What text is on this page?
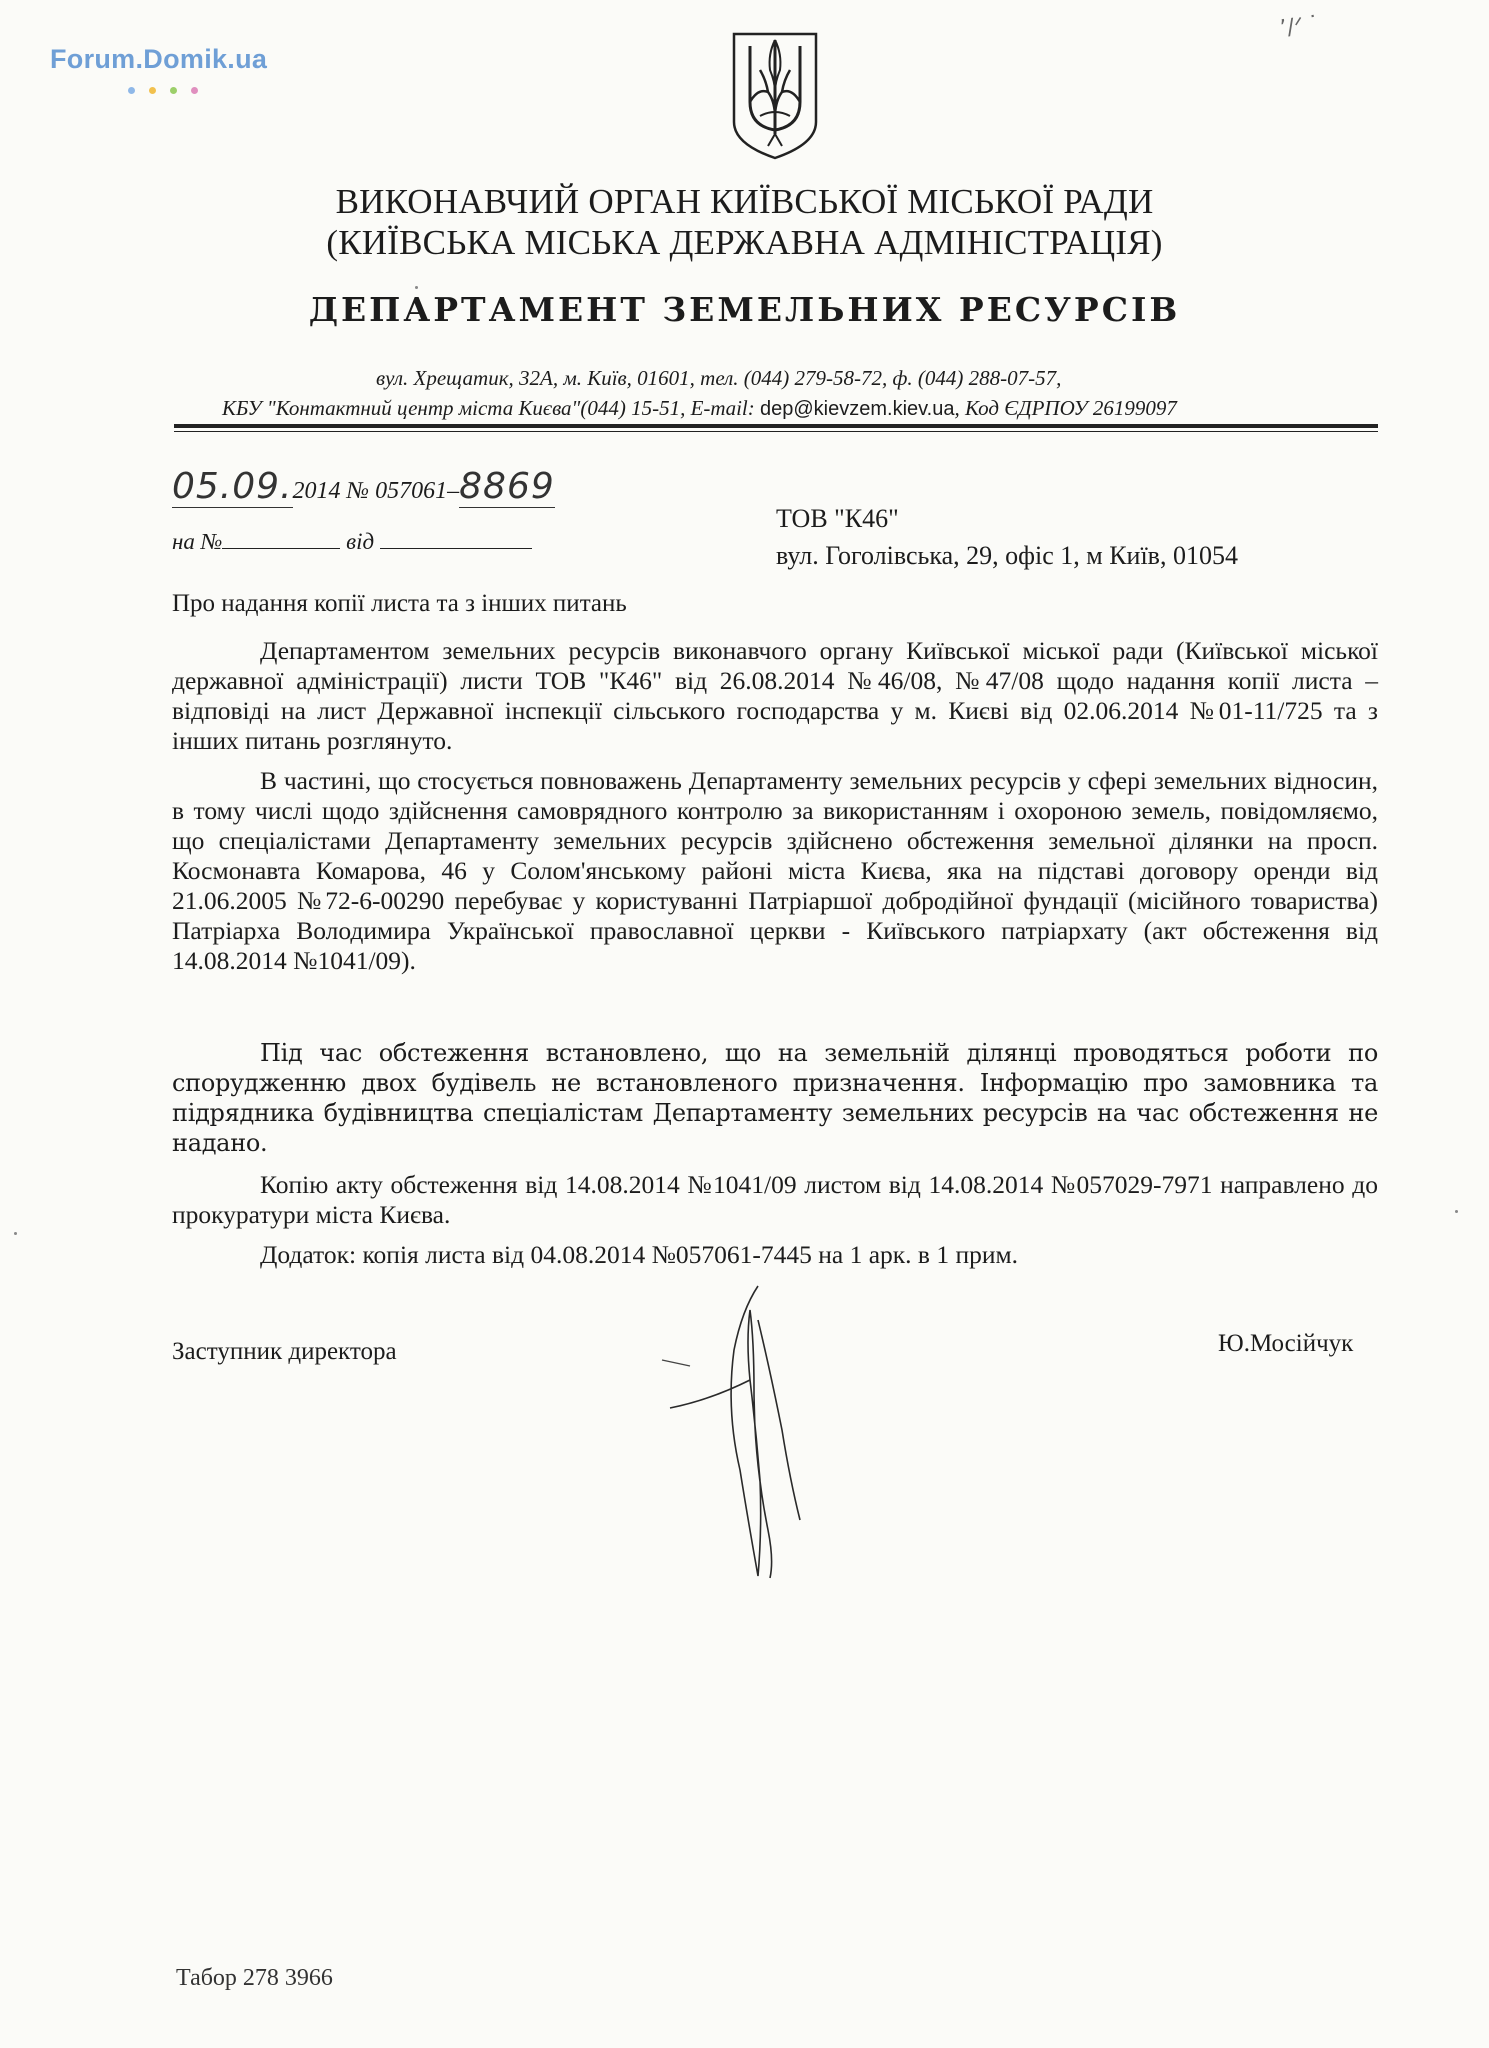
Forum.Domik.ua
ʼ/ᐟ ᐝ
ВИКОНАВЧИЙ ОРГАН КИЇВСЬКОЇ МІСЬКОЇ РАДИ
(КИЇВСЬКА МІСЬКА ДЕРЖАВНА АДМІНІСТРАЦІЯ)
ДЕПАРТАМЕНТ ЗЕМЕЛЬНИХ РЕСУРСІВ
вул. Хрещатик, 32А, м. Київ, 01601, тел. (044) 279-58-72, ф. (044) 288-07-57,
КБУ "Контактний центр міста Києва"(044) 15-51, E-mail: dep@kievzem.kiev.ua, Код ЄДРПОУ 26199097
05.09.2014 № 057061–8869
на №	від
ТОВ "К46"
вул. Гоголівська, 29, офіс 1, м Київ, 01054
Про надання копії листа та з інших питань
Департаментом земельних ресурсів виконавчого органу Київської міської ради (Київської міської державної адміністрації) листи ТОВ "К46" від 26.08.2014 №46/08, №47/08 щодо надання копії листа – відповіді на лист Державної інспекції сільського господарства у м. Києві від 02.06.2014 №01-11/725 та з інших питань розглянуто.
В частині, що стосується повноважень Департаменту земельних ресурсів у сфері земельних відносин, в тому числі щодо здійснення самоврядного контролю за використанням і охороною земель, повідомляємо, що спеціалістами Департаменту земельних ресурсів здійснено обстеження земельної ділянки на просп. Космонавта Комарова, 46 у Солом'янському районі міста Києва, яка на підставі договору оренди від 21.06.2005 №72-6-00290 перебуває у користуванні Патріаршої добродійної фундації (місійного товариства) Патріарха Володимира Української православної церкви - Київського патріархату (акт обстеження від 14.08.2014 №1041/09).
Під час обстеження встановлено, що на земельній ділянці проводяться роботи по спорудженню двох будівель не встановленого призначення. Інформацію про замовника та підрядника будівництва спеціалістам Департаменту земельних ресурсів на час обстеження не надано.
Копію акту обстеження від 14.08.2014 №1041/09 листом від 14.08.2014 №057029-7971 направлено до прокуратури міста Києва.
Додаток: копія листа від 04.08.2014 №057061-7445 на 1 арк. в 1 прим.
Заступник директора	Ю.Мосійчук
Табор 278 3966
